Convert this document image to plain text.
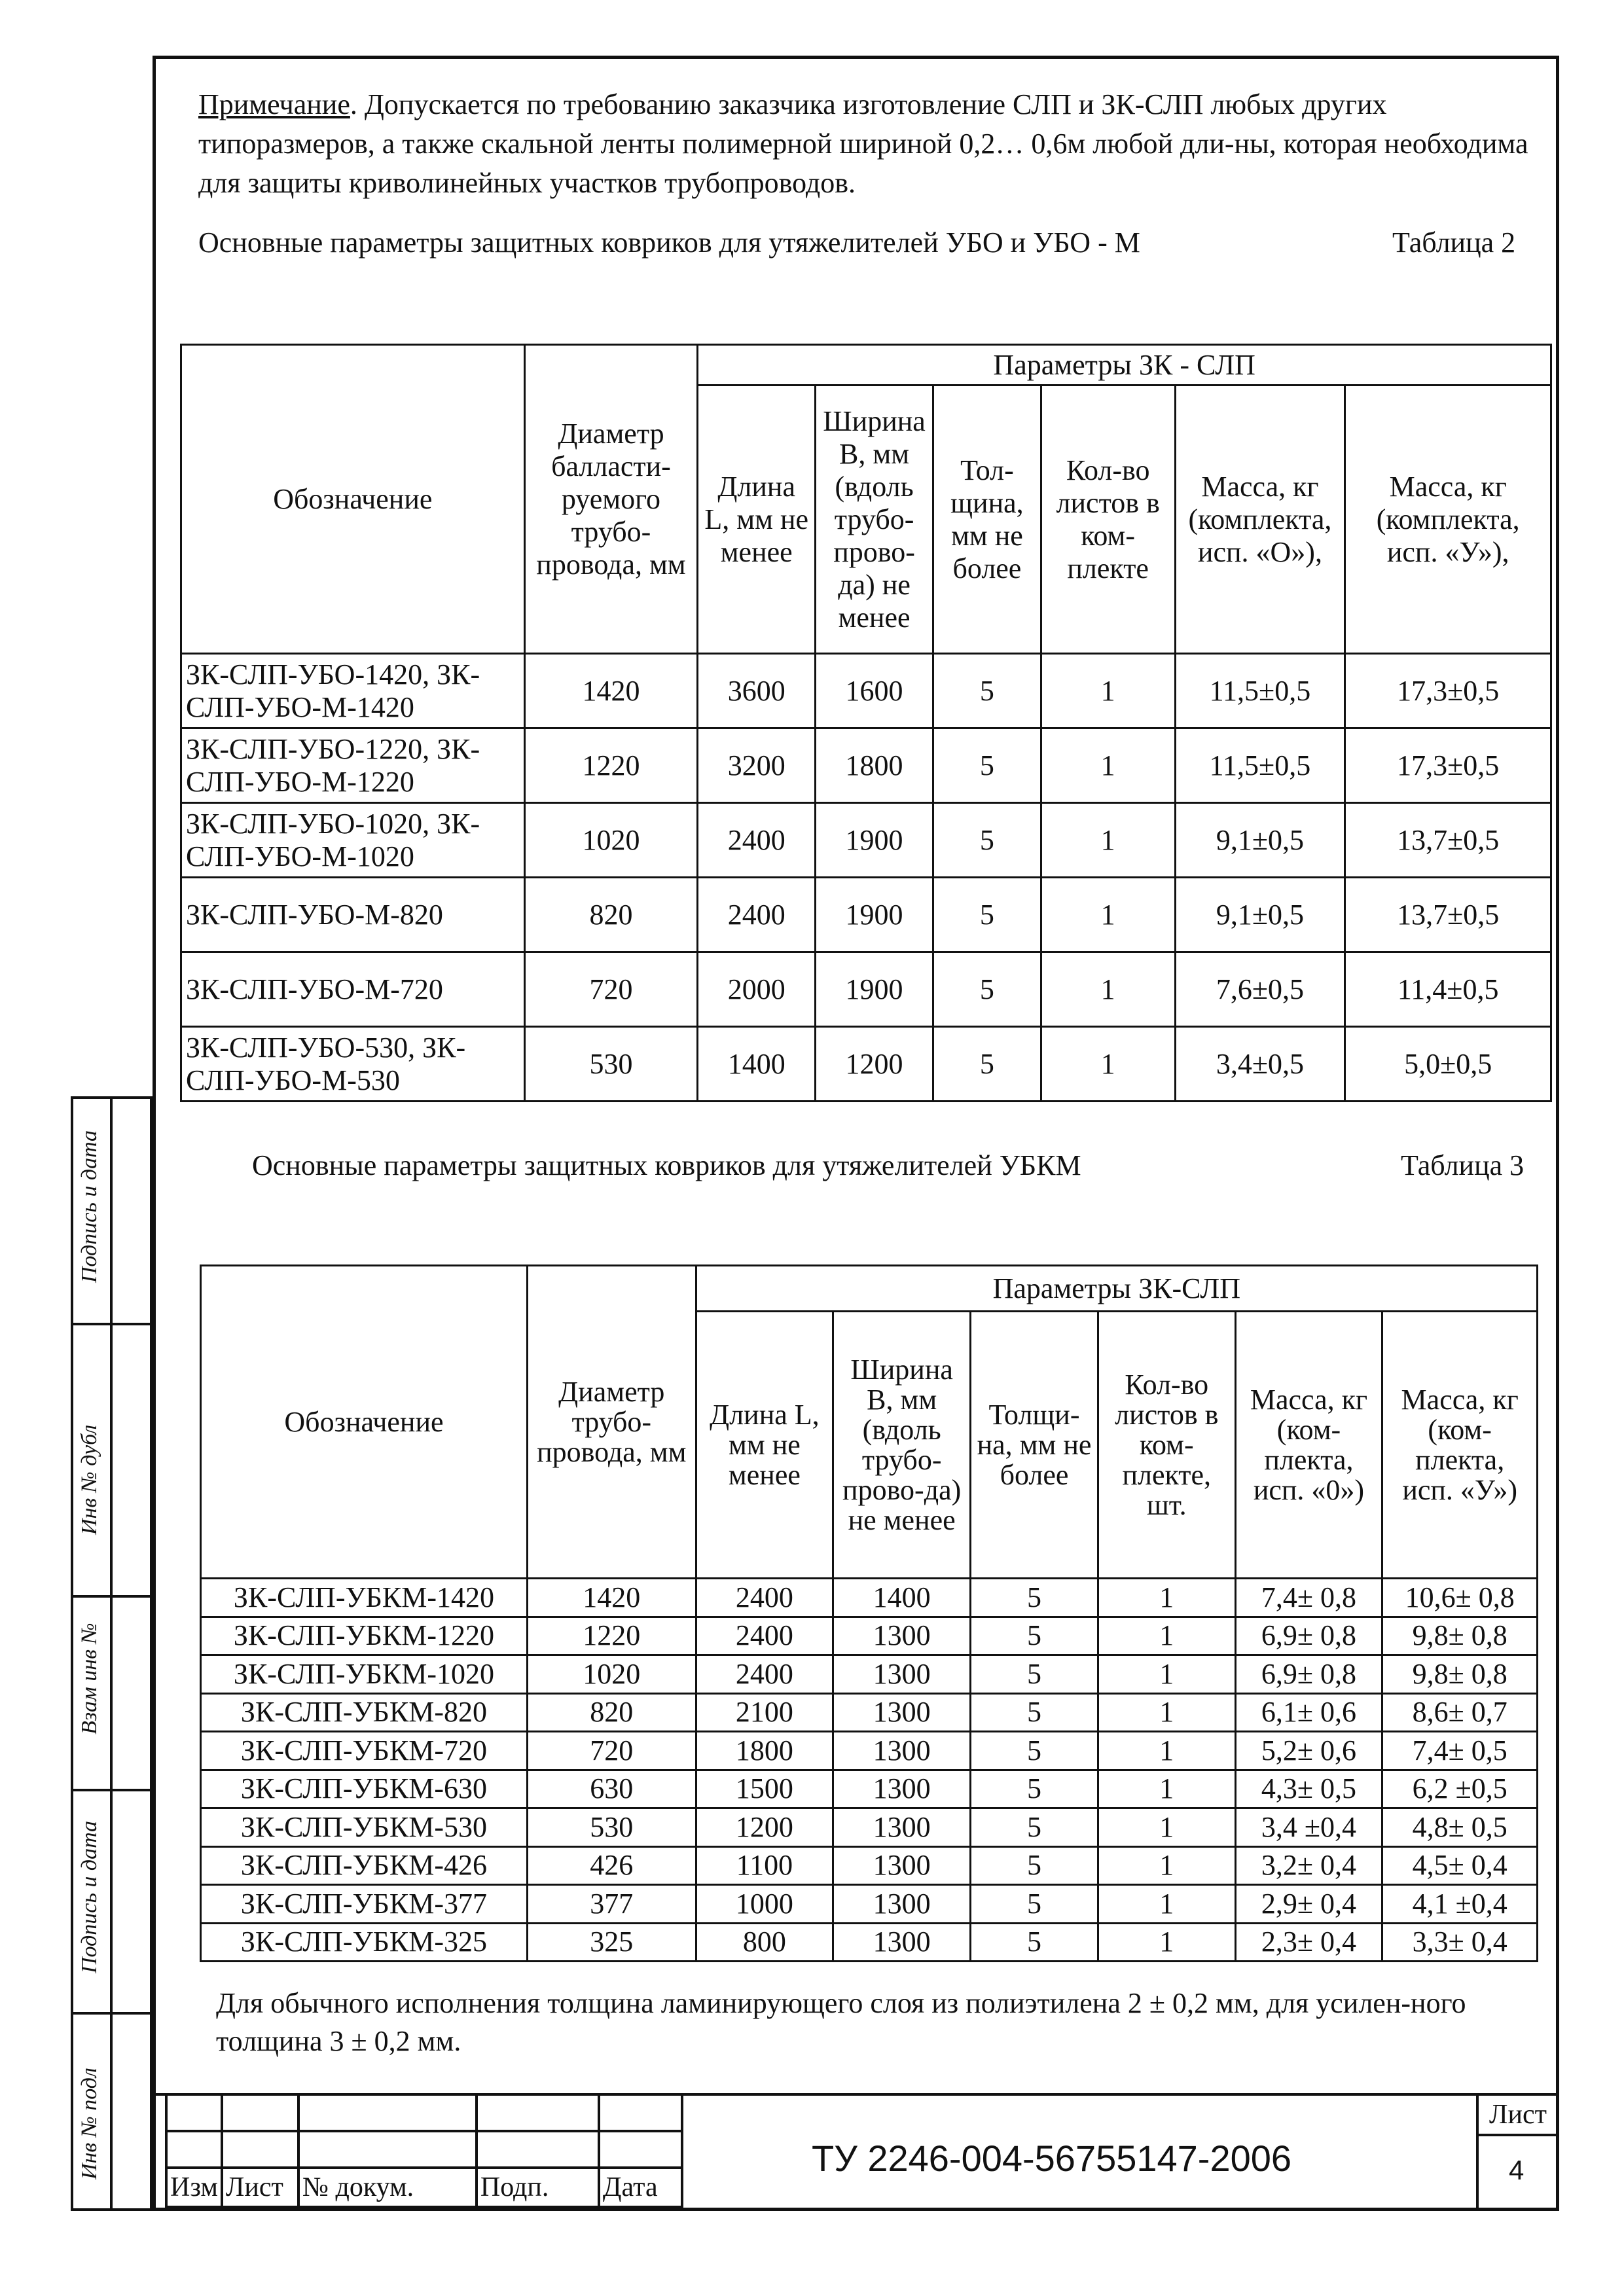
Примечание. Допускается по требованию заказчика изготовление СЛП и ЗК-СЛП любых других типоразмеров, а также скальной ленты полимерной шириной 0,2… 0,6м любой дли-ны, которая необходима для защиты криволинейных участков трубопроводов.
Основные параметры защитных ковриков для утяжелителей УБО и УБО - М	Таблица 2
Обозначение	Диаметр балласти-руемого трубо-провода, мм	Параметры ЗК - СЛП					
		Длина L, мм не менее	Ширина B, мм (вдоль трубо-прово-да) не менее	Тол-щина, мм не более	Кол-во листов в ком-плекте	Масса, кг (комплекта, исп. «О»),	Масса, кг (комплекта, исп. «У»),
ЗК-СЛП-УБО-1420, ЗК-СЛП-УБО-М-1420	1420	3600	1600	5	1	11,5±0,5	17,3±0,5
ЗК-СЛП-УБО-1220, ЗК-СЛП-УБО-М-1220	1220	3200	1800	5	1	11,5±0,5	17,3±0,5
ЗК-СЛП-УБО-1020, ЗК-СЛП-УБО-М-1020	1020	2400	1900	5	1	9,1±0,5	13,7±0,5
ЗК-СЛП-УБО-М-820	820	2400	1900	5	1	9,1±0,5	13,7±0,5
ЗК-СЛП-УБО-М-720	720	2000	1900	5	1	7,6±0,5	11,4±0,5
ЗК-СЛП-УБО-530, ЗК-СЛП-УБО-М-530	530	1400	1200	5	1	3,4±0,5	5,0±0,5
Основные параметры защитных ковриков для утяжелителей УБКМ	Таблица 3
Обозначение	Диаметр трубо-провода, мм	Параметры ЗК-СЛП					
		Длина L, мм не менее	Ширина B, мм (вдоль трубо-прово-да) не менее	Толщи-на, мм не более	Кол-во листов в ком-плекте, шт.	Масса, кг (ком-плекта, исп. «0»)	Масса, кг (ком-плекта, исп. «У»)
ЗК-СЛП-УБКМ-1420	1420	2400	1400	5	1	7,4± 0,8	10,6± 0,8
ЗК-СЛП-УБКМ-1220	1220	2400	1300	5	1	6,9± 0,8	9,8± 0,8
ЗК-СЛП-УБКМ-1020	1020	2400	1300	5	1	6,9± 0,8	9,8± 0,8
ЗК-СЛП-УБКМ-820	820	2100	1300	5	1	6,1± 0,6	8,6± 0,7
ЗК-СЛП-УБКМ-720	720	1800	1300	5	1	5,2± 0,6	7,4± 0,5
ЗК-СЛП-УБКМ-630	630	1500	1300	5	1	4,3± 0,5	6,2 ±0,5
ЗК-СЛП-УБКМ-530	530	1200	1300	5	1	3,4 ±0,4	4,8± 0,5
ЗК-СЛП-УБКМ-426	426	1100	1300	5	1	3,2± 0,4	4,5± 0,4
ЗК-СЛП-УБКМ-377	377	1000	1300	5	1	2,9± 0,4	4,1 ±0,4
ЗК-СЛП-УБКМ-325	325	800	1300	5	1	2,3± 0,4	3,3± 0,4
Для обычного исполнения толщина ламинирующего слоя из полиэтилена 2 ± 0,2 мм, для усилен-ного толщина 3 ± 0,2 мм.
Подпись и дата
Инв № дубл
Взам инв №
Подпись и дата
Инв № подл

Изм	Лист	№ докум.	Подп.	Дата
ТУ 2246-004-56755147-2006
Лист
4
